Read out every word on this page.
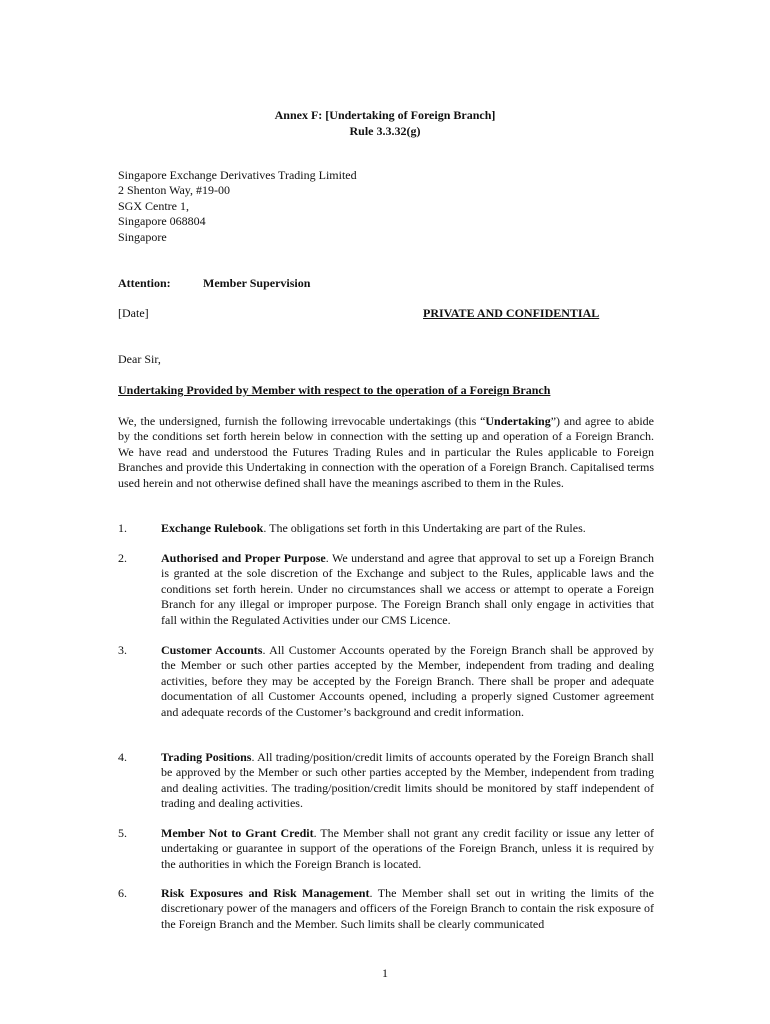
Annex F: [Undertaking of Foreign Branch]
Rule 3.3.32(g)
Singapore Exchange Derivatives Trading Limited
2 Shenton Way, #19-00
SGX Centre 1,
Singapore 068804
Singapore
Attention:	Member Supervision
[Date]	PRIVATE AND CONFIDENTIAL
Dear Sir,
Undertaking Provided by Member with respect to the operation of a Foreign Branch
We, the undersigned, furnish the following irrevocable undertakings (this “Undertaking”) and agree to abide by the conditions set forth herein below in connection with the setting up and operation of a Foreign Branch. We have read and understood the Futures Trading Rules and in particular the Rules applicable to Foreign Branches and provide this Undertaking in connection with the operation of a Foreign Branch. Capitalised terms used herein and not otherwise defined shall have the meanings ascribed to them in the Rules.
1.	Exchange Rulebook. The obligations set forth in this Undertaking are part of the Rules.
2.	Authorised and Proper Purpose. We understand and agree that approval to set up a Foreign Branch is granted at the sole discretion of the Exchange and subject to the Rules, applicable laws and the conditions set forth herein. Under no circumstances shall we access or attempt to operate a Foreign Branch for any illegal or improper purpose. The Foreign Branch shall only engage in activities that fall within the Regulated Activities under our CMS Licence.
3.	Customer Accounts. All Customer Accounts operated by the Foreign Branch shall be approved by the Member or such other parties accepted by the Member, independent from trading and dealing activities, before they may be accepted by the Foreign Branch. There shall be proper and adequate documentation of all Customer Accounts opened, including a properly signed Customer agreement and adequate records of the Customer’s background and credit information.
4.	Trading Positions. All trading/position/credit limits of accounts operated by the Foreign Branch shall be approved by the Member or such other parties accepted by the Member, independent from trading and dealing activities. The trading/position/credit limits should be monitored by staff independent of trading and dealing activities.
5.	Member Not to Grant Credit. The Member shall not grant any credit facility or issue any letter of undertaking or guarantee in support of the operations of the Foreign Branch, unless it is required by the authorities in which the Foreign Branch is located.
6.	Risk Exposures and Risk Management. The Member shall set out in writing the limits of the discretionary power of the managers and officers of the Foreign Branch to contain the risk exposure of the Foreign Branch and the Member. Such limits shall be clearly communicated
1
